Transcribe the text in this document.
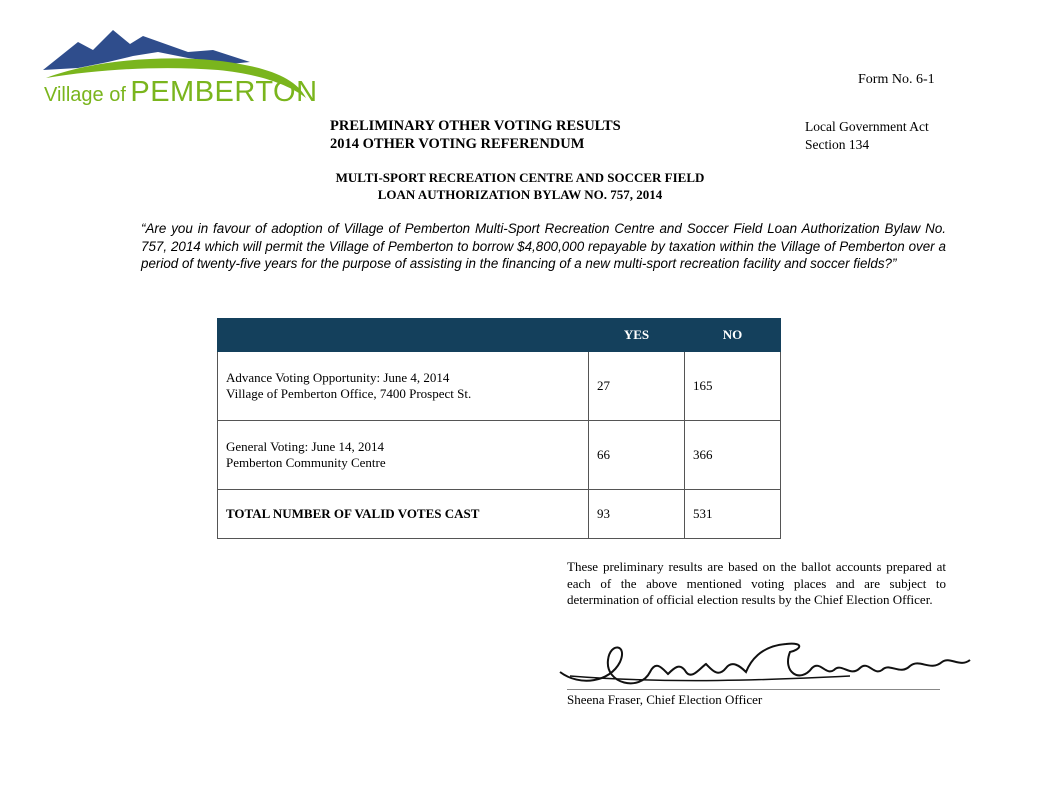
Village of PEMBERTON	Form No. 6-1
PRELIMINARY OTHER VOTING RESULTS
2014 OTHER VOTING REFERENDUM
Local Government Act
Section 134
MULTI-SPORT RECREATION CENTRE AND SOCCER FIELD
LOAN AUTHORIZATION BYLAW NO. 757, 2014
“Are you in favour of adoption of Village of Pemberton Multi-Sport Recreation Centre and Soccer Field Loan Authorization Bylaw No. 757, 2014 which will permit the Village of Pemberton to borrow $4,800,000 repayable by taxation within the Village of Pemberton over a period of twenty-five years for the purpose of assisting in the financing of a new multi-sport recreation facility and soccer fields?”
	YES	NO

Advance Voting Opportunity: June 4, 2014
Village of Pemberton Office, 7400 Prospect St.	27	165

General Voting: June 14, 2014
Pemberton Community Centre	66	366
TOTAL NUMBER OF VALID VOTES CAST	93	531
These preliminary results are based on the ballot accounts prepared at each of the above mentioned voting places and are subject to determination of official election results by the Chief Election Officer.
Sheena Fraser, Chief Election Officer
